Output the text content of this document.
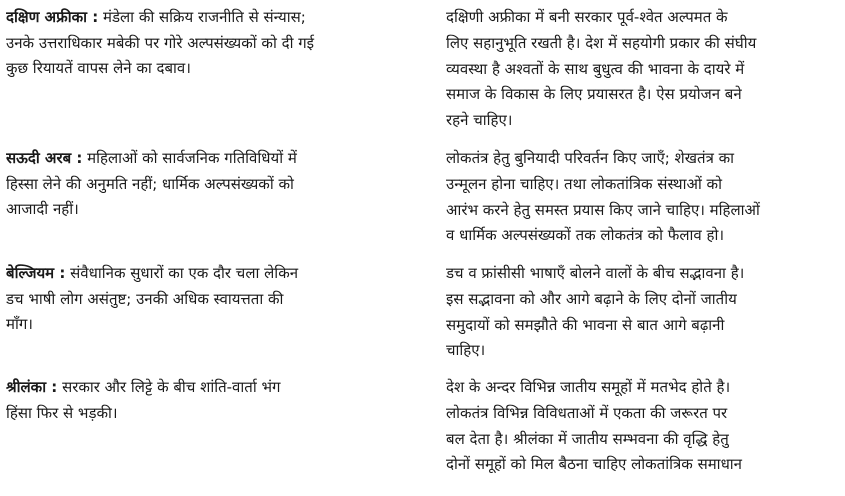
दक्षिण अफ्रीका : मंडेला की सक्रिय राजनीति से संन्यास;
उनके उत्तराधिकार मबेकी पर गोरे अल्पसंख्यकों को दी गई
कुछ रियायतें वापस लेने का दबाव।
सऊदी अरब : महिलाओं को सार्वजनिक गतिविधियों में
हिस्सा लेने की अनुमति नहीं; धार्मिक अल्पसंख्यकों को
आजादी नहीं।
बेल्जियम : संवैधानिक सुधारों का एक दौर चला लेकिन
डच भाषी लोग असंतुष्ट; उनकी अधिक स्वायत्तता की
माँग।
श्रीलंका : सरकार और लिट्टे के बीच शांति-वार्ता भंग
हिंसा फिर से भड़की।
दक्षिणी अफ्रीका में बनी सरकार पूर्व-श्वेत अल्पमत के
लिए सहानुभूति रखती है। देश में सहयोगी प्रकार की संघीय
व्यवस्था है अश्वतों के साथ बुधुत्व की भावना के दायरे में
समाज के विकास के लिए प्रयासरत है। ऐस प्रयोजन बने
रहने चाहिए।
लोकतंत्र हेतु बुनियादी परिवर्तन किए जाएँ; शेखतंत्र का
उन्मूलन होना चाहिए। तथा लोकतांत्रिक संस्थाओं को
आरंभ करने हेतु समस्त प्रयास किए जाने चाहिए। महिलाओं
व धार्मिक अल्पसंख्यकों तक लोकतंत्र को फैलाव हो।
डच व फ्रांसीसी भाषाएँ बोलने वालों के बीच सद्भावना है।
इस सद्भावना को और आगे बढ़ाने के लिए दोनों जातीय
समुदायों को समझौते की भावना से बात आगे बढ़ानी
चाहिए।
देश के अन्दर विभिन्न जातीय समूहों में मतभेद होते है।
लोकतंत्र विभिन्न विविधताओं में एकता की जरूरत पर
बल देता है। श्रीलंका में जातीय सम्भवना की वृद्धि हेतु
दोनों समूहों को मिल बैठना चाहिए लोकतांत्रिक समाधान
